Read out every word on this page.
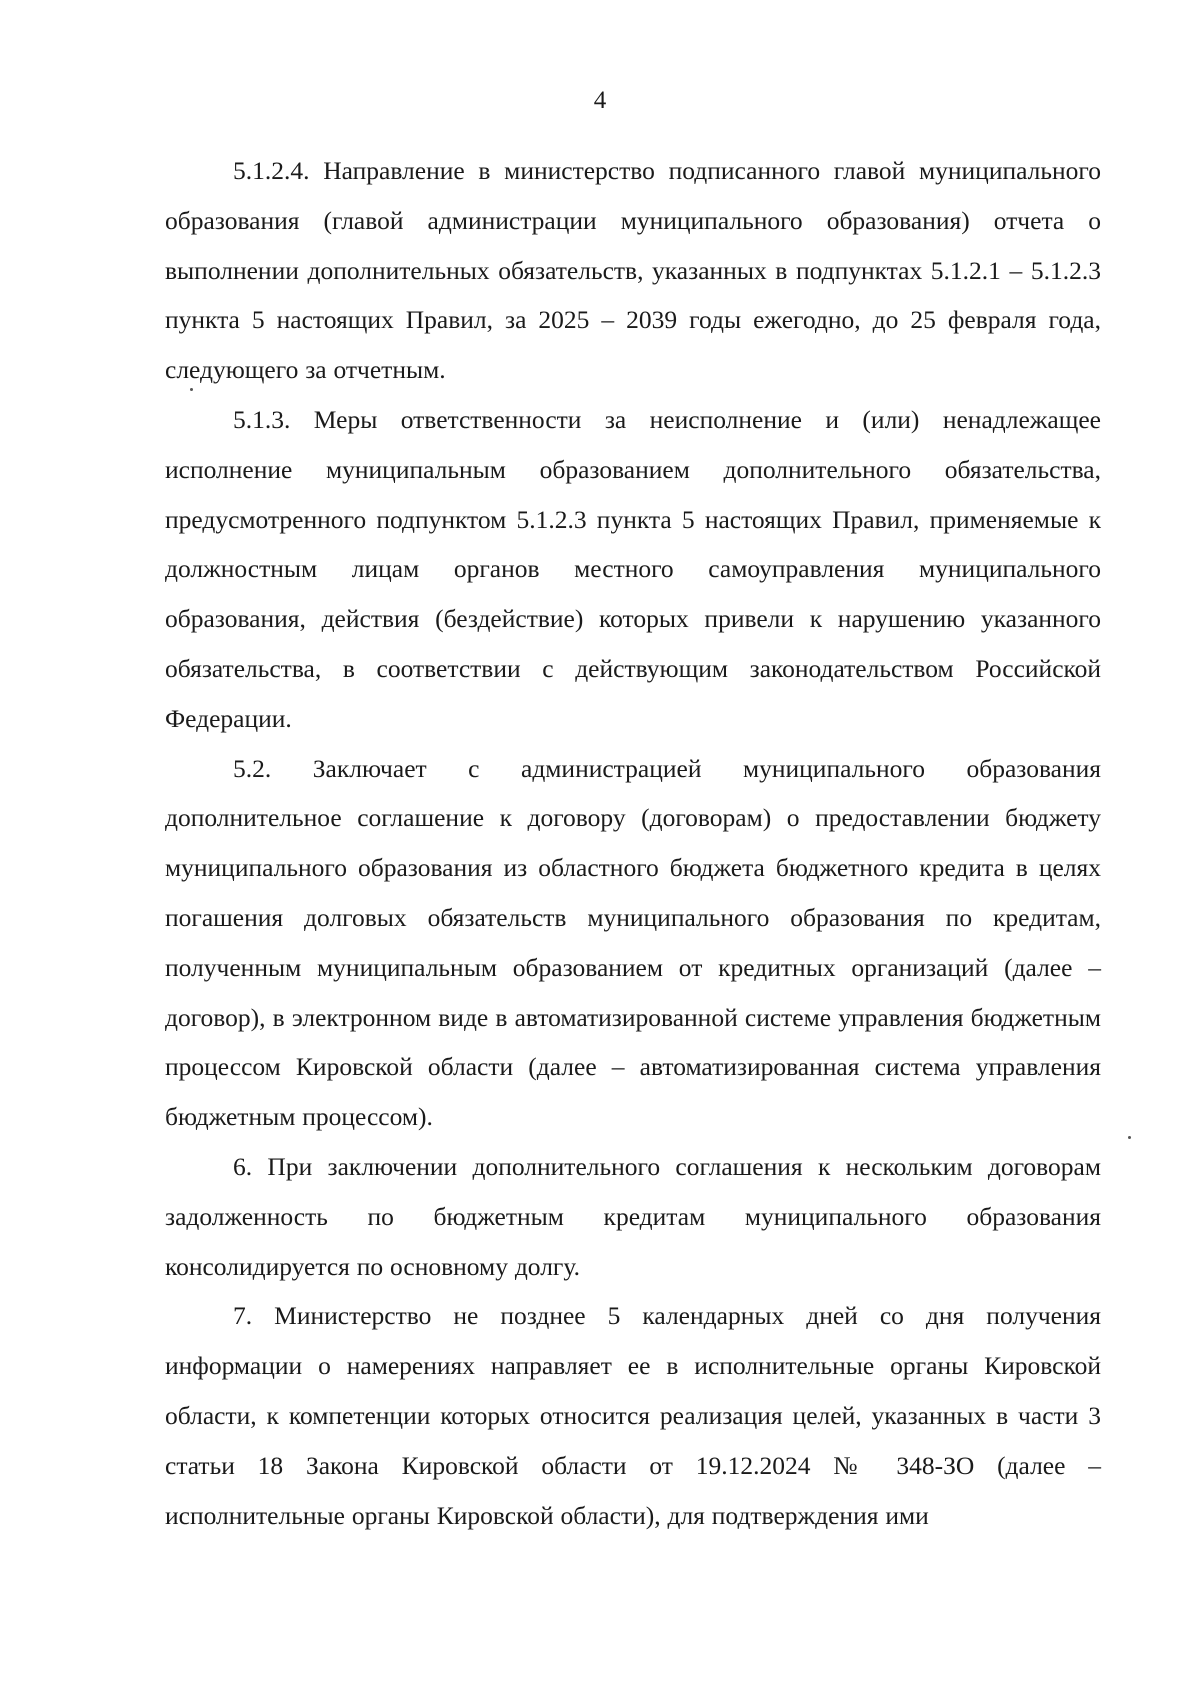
4

5.1.2.4. Направление в министерство подписанного главой муниципального образования (главой администрации муниципального образования) отчета о выполнении дополнительных обязательств, указанных в подпунктах 5.1.2.1 – 5.1.2.3 пункта 5 настоящих Правил, за 2025 – 2039 годы ежегодно, до 25 февраля года, следующего за отчетным.

5.1.3. Меры ответственности за неисполнение и (или) ненадлежащее исполнение муниципальным образованием дополнительного обязательства, предусмотренного подпунктом 5.1.2.3 пункта 5 настоящих Правил, применяемые к должностным лицам органов местного самоуправления муниципального образования, действия (бездействие) которых привели к нарушению указанного обязательства, в соответствии с действующим законодательством Российской Федерации.

5.2. Заключает с администрацией муниципального образования дополнительное соглашение к договору (договорам) о предоставлении бюджету муниципального образования из областного бюджета бюджетного кредита в целях погашения долговых обязательств муниципального образования по кредитам, полученным муниципальным образованием от кредитных организаций (далее – договор), в электронном виде в автоматизированной системе управления бюджетным процессом Кировской области (далее – автоматизированная система управления бюджетным процессом).

6. При заключении дополнительного соглашения к нескольким договорам задолженность по бюджетным кредитам муниципального образования консолидируется по основному долгу.

7. Министерство не позднее 5 календарных дней со дня получения информации о намерениях направляет ее в исполнительные органы Кировской области, к компетенции которых относится реализация целей, указанных в части 3 статьи 18 Закона Кировской области от 19.12.2024 № 348-ЗО (далее – исполнительные органы Кировской области), для подтверждения ими
